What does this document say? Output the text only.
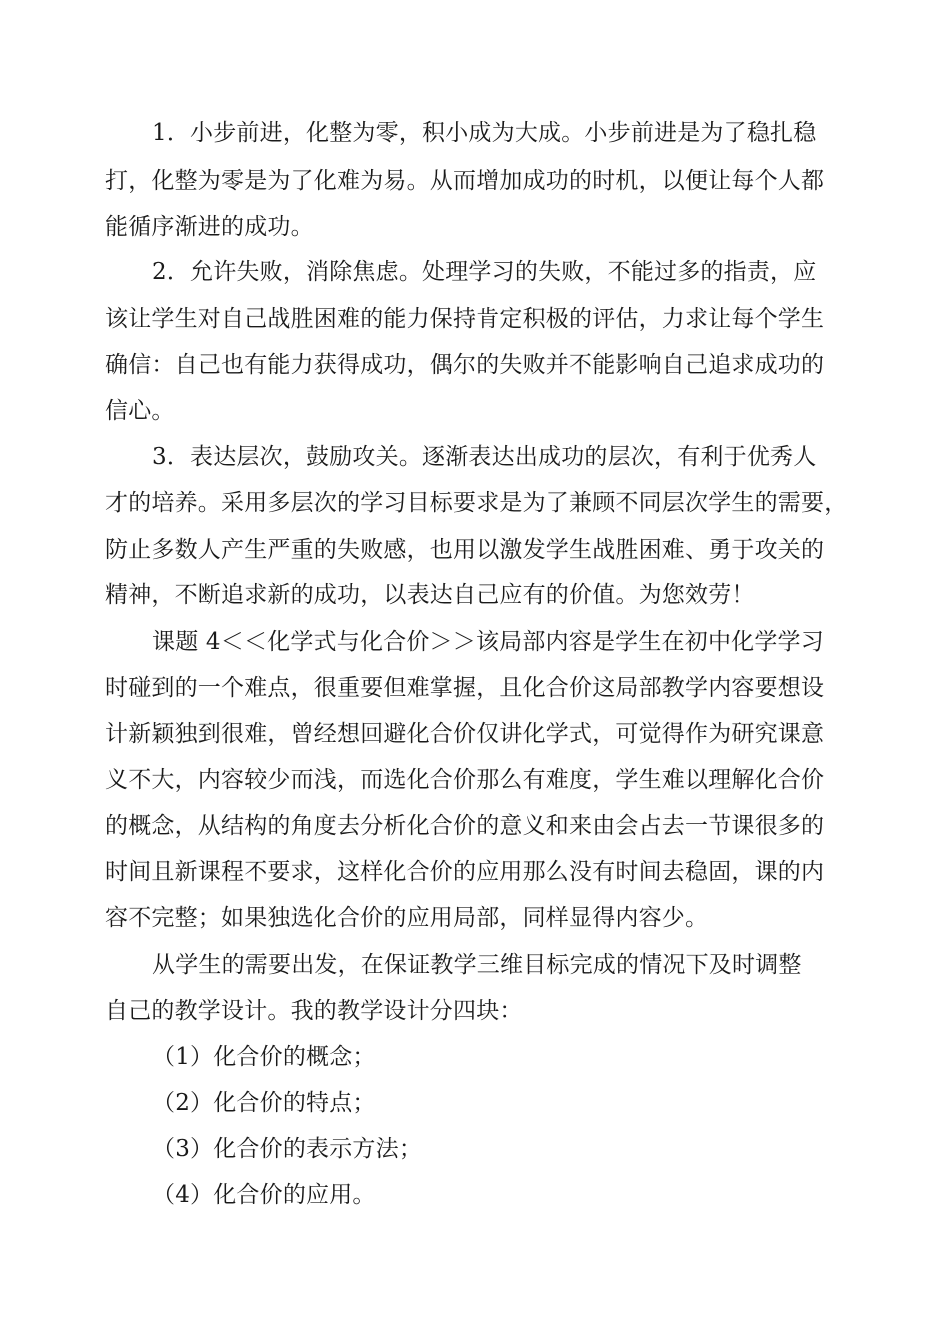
1．小步前进，化整为零，积小成为大成。小步前进是为了稳扎稳
打，化整为零是为了化难为易。从而增加成功的时机，以便让每个人都
能循序渐进的成功。
2．允许失败，消除焦虑。处理学习的失败，不能过多的指责，应
该让学生对自己战胜困难的能力保持肯定积极的评估，力求让每个学生
确信：自己也有能力获得成功，偶尔的失败并不能影响自己追求成功的
信心。
3．表达层次，鼓励攻关。逐渐表达出成功的层次，有利于优秀人
才的培养。采用多层次的学习目标要求是为了兼顾不同层次学生的需要，
防止多数人产生严重的失败感，也用以激发学生战胜困难、勇于攻关的
精神，不断追求新的成功，以表达自己应有的价值。为您效劳！
课题 4＜＜化学式与化合价＞＞该局部内容是学生在初中化学学习
时碰到的一个难点，很重要但难掌握，且化合价这局部教学内容要想设
计新颖独到很难，曾经想回避化合价仅讲化学式，可觉得作为研究课意
义不大，内容较少而浅，而选化合价那么有难度，学生难以理解化合价
的概念，从结构的角度去分析化合价的意义和来由会占去一节课很多的
时间且新课程不要求，这样化合价的应用那么没有时间去稳固，课的内
容不完整；如果独选化合价的应用局部，同样显得内容少。
从学生的需要出发，在保证教学三维目标完成的情况下及时调整
自己的教学设计。我的教学设计分四块：
（1）化合价的概念；
（2）化合价的特点；
（3）化合价的表示方法；
（4）化合价的应用。
